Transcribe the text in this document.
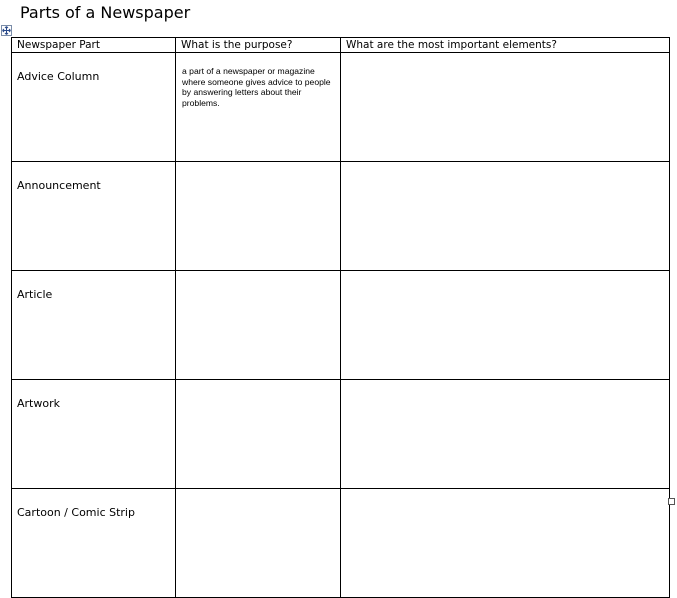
Parts of a Newspaper
Newspaper Part	What is the purpose?	What are the most important elements?
Advice Column	a part of a newspaper or magazine where someone gives advice to people by answering letters about their problems.	
Announcement		
Article		
Artwork		
Cartoon / Comic Strip		
